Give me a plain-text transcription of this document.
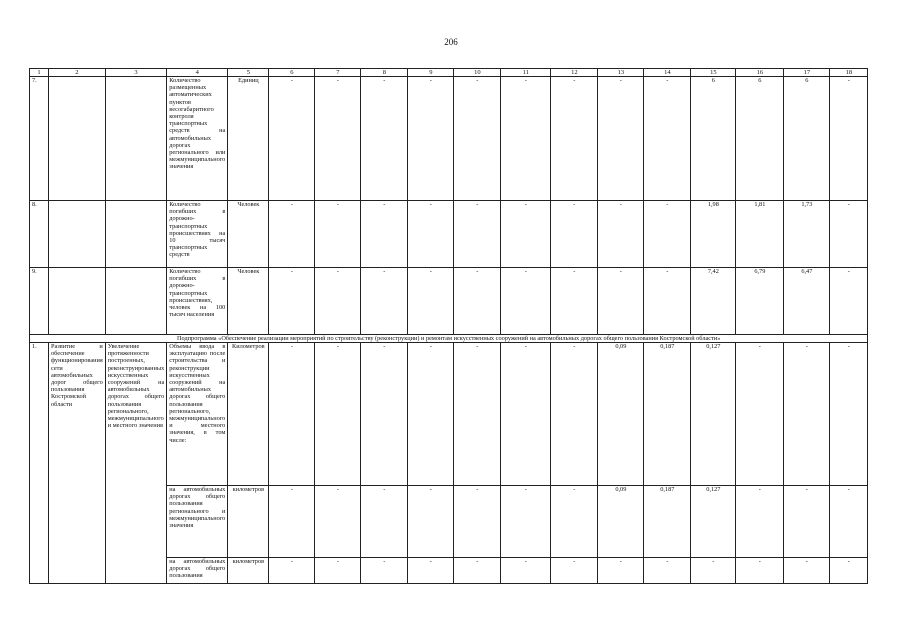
206
1	2	3	4	5	6	7	8	9	10	11	12	13	14	15	16	17	18
7.			Количество размещенных автоматических пунктов весогабаритного контроля транспортных средств на автомобильных дорогах регионального или межмуниципального значения	Единиц	-	-	-	-	-	-	-	-	-	6	6	6	-
8.			Количество погибших в дорожно-транспортных происшествиях на 10 тысяч транспортных средств	Человек	-	-	-	-	-	-	-	-	-	1,98	1,81	1,73	-
9.			Количество погибших в дорожно-транспортных происшествиях, человек на 100 тысяч населения	Человек	-	-	-	-	-	-	-	-	-	7,42	6,79	6,47	-
Подпрограмма «Обеспечение реализации мероприятий по строительству (реконструкции) и ремонтам искусственных сооружений на автомобильных дорогах общего пользования Костромской области»																	
1.	Развитие и обеспечение функционирования сети автомобильных дорог общего пользования Костромской области	Увеличение протяженности построенных, реконструированных искусственных сооружений на автомобильных дорогах общего пользования регионального, межмуниципального и местного значения	Объемы ввода в эксплуатацию после строительства и реконструкции искусственных сооружений на автомобильных дорогах общего пользования регионального, межмуниципального и местного значения, в том числе:	Километров	-	-	-	-	-	-	-	0,09	0,187	0,127	-	-	-
			на автомобильных дорогах общего пользования регионального и межмуниципального значения	километров	-	-	-	-	-	-	-	0,09	0,187	0,127	-	-	-
			на автомобильных дорогах общего пользования	километров	-	-	-	-	-	-	-	-	-	-	-	-	-
